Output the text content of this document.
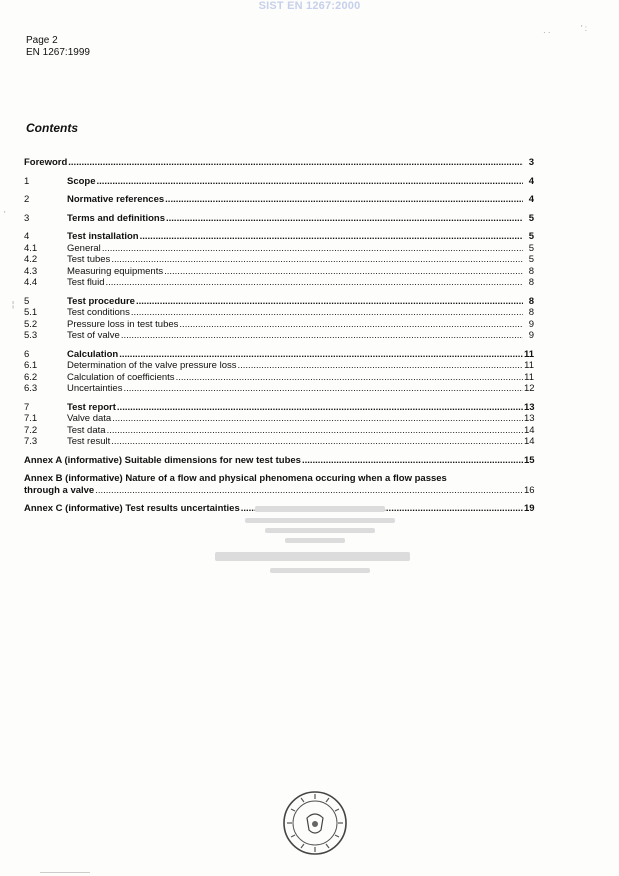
SIST EN 1267:2000
Page 2
EN 1267:1999
Contents
Foreword .....	3
1	Scope .....	4
2	Normative references .....	4
3	Terms and definitions .....	5
4	Test installation .....	5
4.1	General .....	5
4.2	Test tubes .....	5
4.3	Measuring equipments .....	8
4.4	Test fluid .....	8
5	Test procedure .....	8
5.1	Test conditions .....	8
5.2	Pressure loss in test tubes .....	9
5.3	Test of valve .....	9
6	Calculation .....	11
6.1	Determination of the valve pressure loss .....	11
6.2	Calculation of coefficients .....	11
6.3	Uncertainties .....	12
7	Test report .....	13
7.1	Valve data .....	13
7.2	Test data .....	14
7.3	Test result .....	14
Annex A (informative) Suitable dimensions for new test tubes .....	15
Annex B (informative) Nature of a flow and physical phenomena occuring when a flow passes
through a valve .....	16
Annex C (informative) Test results uncertainties .....	19
· ·	' :
'
¦
